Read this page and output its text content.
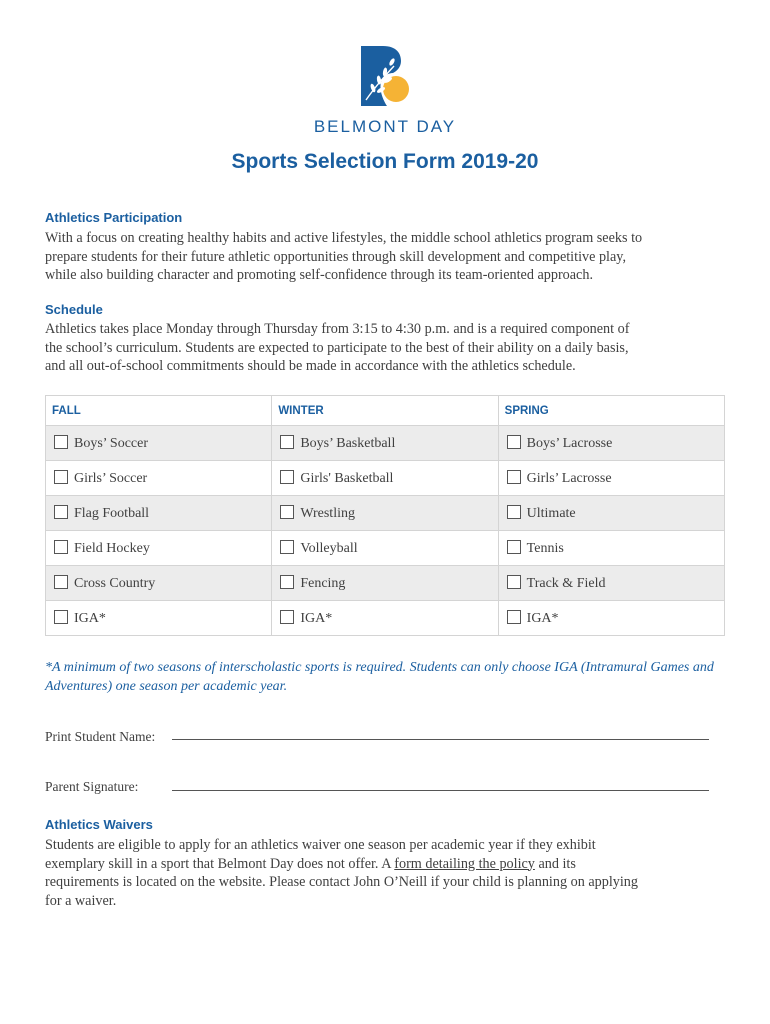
BELMONT DAY
Sports Selection Form 2019-20
Athletics Participation
With a focus on creating healthy habits and active lifestyles, the middle school athletics program seeks to
prepare students for their future athletic opportunities through skill development and competitive play,
while also building character and promoting self-confidence through its team-oriented approach.
Schedule
Athletics takes place Monday through Thursday from 3:15 to 4:30 p.m. and is a required component of
the school’s curriculum. Students are expected to participate to the best of their ability on a daily basis,
and all out-of-school commitments should be made in accordance with the athletics schedule.
FALL	WINTER	SPRING
Boys’ Soccer	Boys’ Basketball	Boys’ Lacrosse
Girls’ Soccer	Girls' Basketball	Girls’ Lacrosse
Flag Football	Wrestling	Ultimate
Field Hockey	Volleyball	Tennis
Cross Country	Fencing	Track & Field
IGA*	IGA*	IGA*
*A minimum of two seasons of interscholastic sports is required. Students can only choose IGA (Intramural Games and
Adventures) one season per academic year.
Print Student Name:
Parent Signature:
Athletics Waivers
Students are eligible to apply for an athletics waiver one season per academic year if they exhibit
exemplary skill in a sport that Belmont Day does not offer. A form detailing the policy and its
requirements is located on the website. Please contact John O’Neill if your child is planning on applying
for a waiver.
